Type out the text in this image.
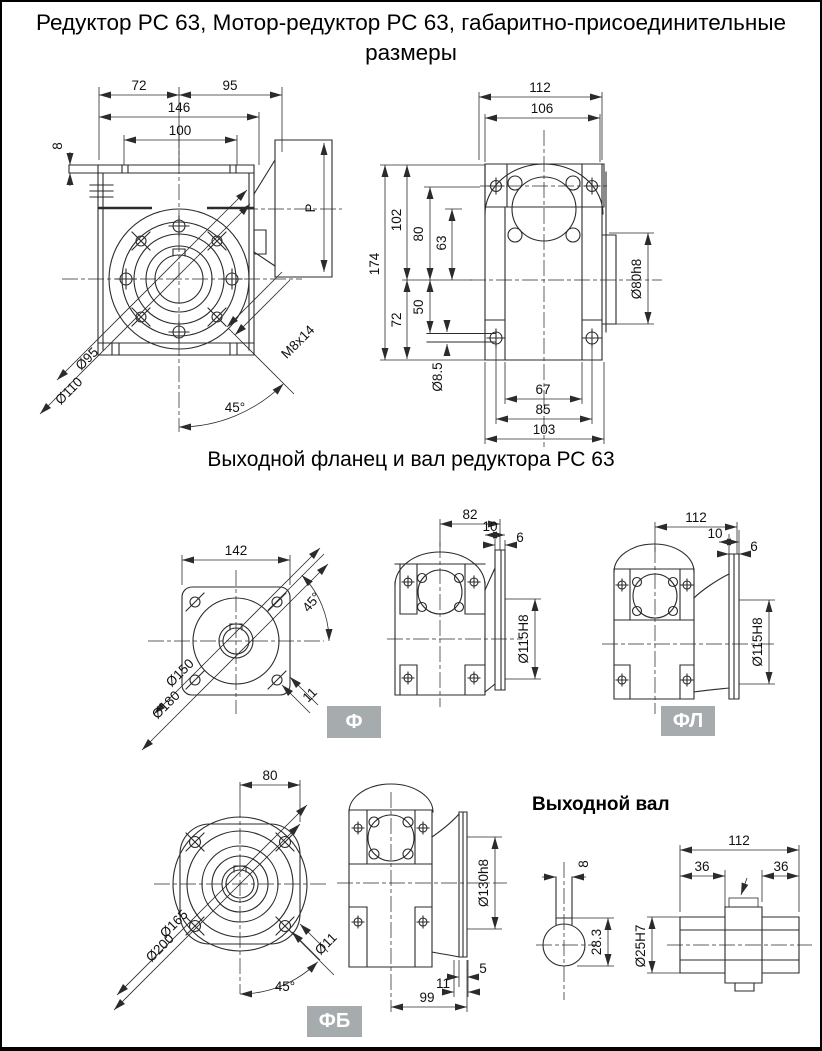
Редуктор РС 63, Мотор-редуктор РС 63, габаритно-присоединительные размеры
Выходной фланец и вал редуктора РС 63
Выходной вал
72	95
146
100
8
P
Ø95
Ø110
M8x14
45°
112
106
174
102
80
63
72
50
Ø8.5
Ø80h8
67
85
103
142
45°
Ø150
Ø180	11
82
10
6
Ø115H8
112
10
6
Ø115H8
80
Ø165
Ø200	Ø11
45°
Ø130h8
5
11
99
8
28.3
112
36	36
Ø25H7
Ф	ФЛ
ФБ
